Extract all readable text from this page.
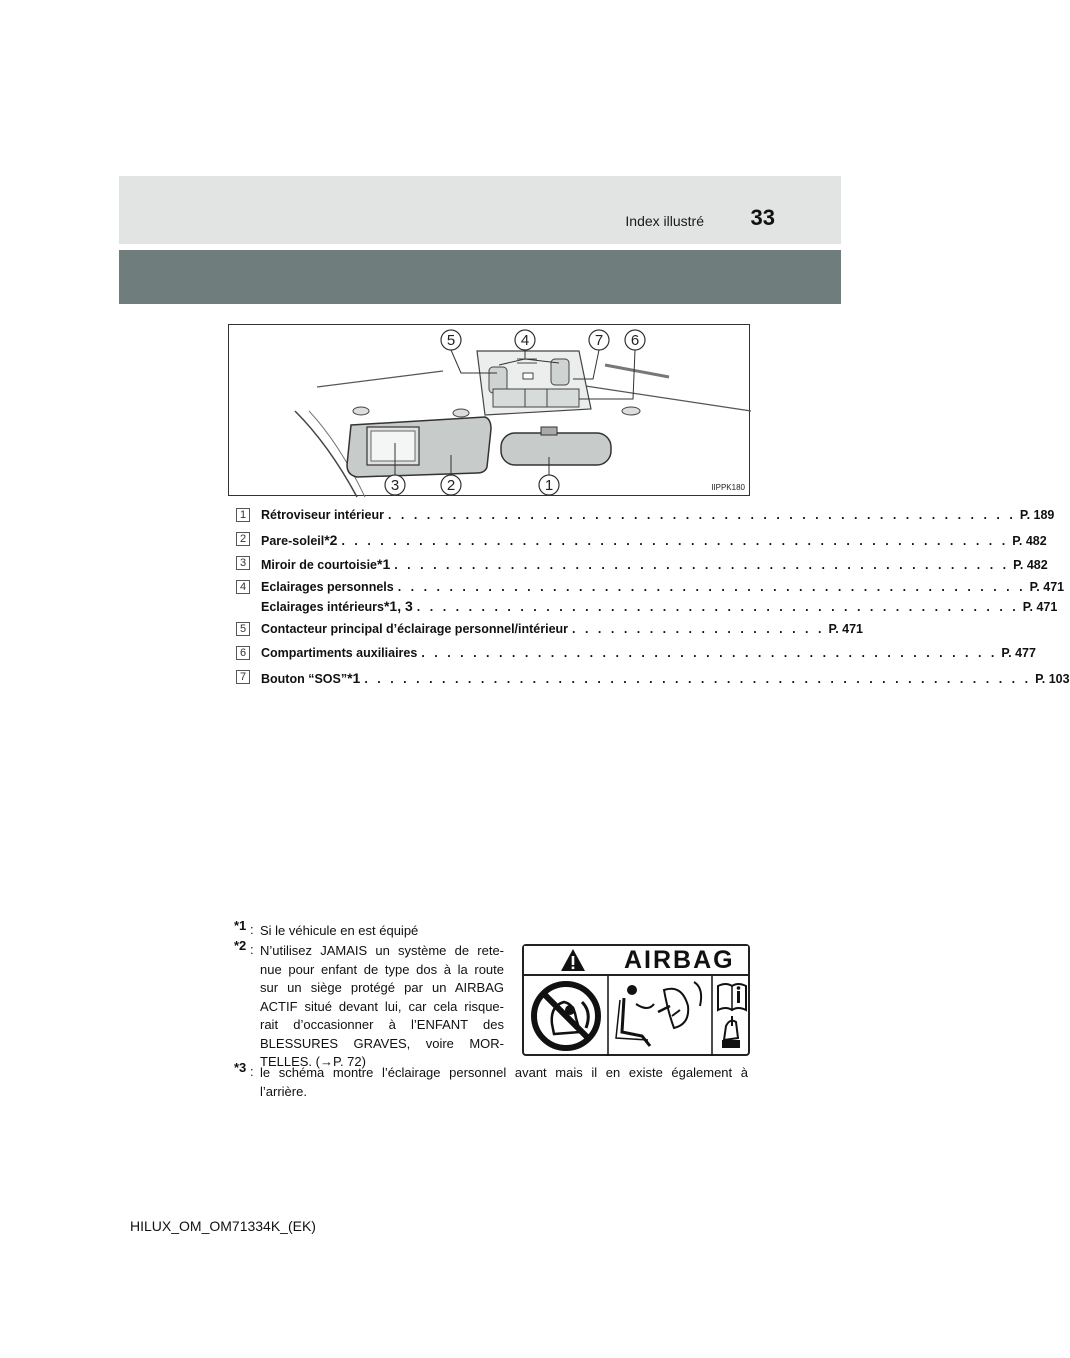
Index illustré	33
5	4	7 6
3	2	1	IIPPK180
1	Rétroviseur intérieur . . . . . . . . . . . . . . . . . . . . . . . . . . . . . . . . . . . . . . . . . . . . . . . . . P. 189
2	Pare-soleil *2 . . . . . . . . . . . . . . . . . . . . . . . . . . . . . . . . . . . . . . . . . . . . . . . . . . . . P. 482
3	Miroir de courtoisie *1 . . . . . . . . . . . . . . . . . . . . . . . . . . . . . . . . . . . . . . . . . . . . . . . . P. 482
4	Eclairages personnels . . . . . . . . . . . . . . . . . . . . . . . . . . . . . . . . . . . . . . . . . . . . . . . . . P. 471
Eclairages intérieurs *1, 3 . . . . . . . . . . . . . . . . . . . . . . . . . . . . . . . . . . . . . . . . . . . . . . . P. 471
5	Contacteur principal d’éclairage personnel/intérieur . . . . . . . . . . . . . . . . . . . . P. 471
6	Compartiments auxiliaires . . . . . . . . . . . . . . . . . . . . . . . . . . . . . . . . . . . . . . . . . . . . . P. 477
7	Bouton “SOS” *1 . . . . . . . . . . . . . . . . . . . . . . . . . . . . . . . . . . . . . . . . . . . . . . . . . . . . P. 103
*1 : Si le véhicule en est équipé
*2 : N’utilisez JAMAIS un système de rete-
nue pour enfant de type dos à la route
sur un siège protégé par un AIRBAG
ACTIF situé devant lui, car cela risque-
rait d’occasionner à l’ENFANT des
BLESSURES GRAVES, voire MOR-
TELLES. (→P. 72)
*3 : le schéma montre l’éclairage personnel avant mais il en existe également à
l’arrière.
AIRBAG
HILUX_OM_OM71334K_(EK)
